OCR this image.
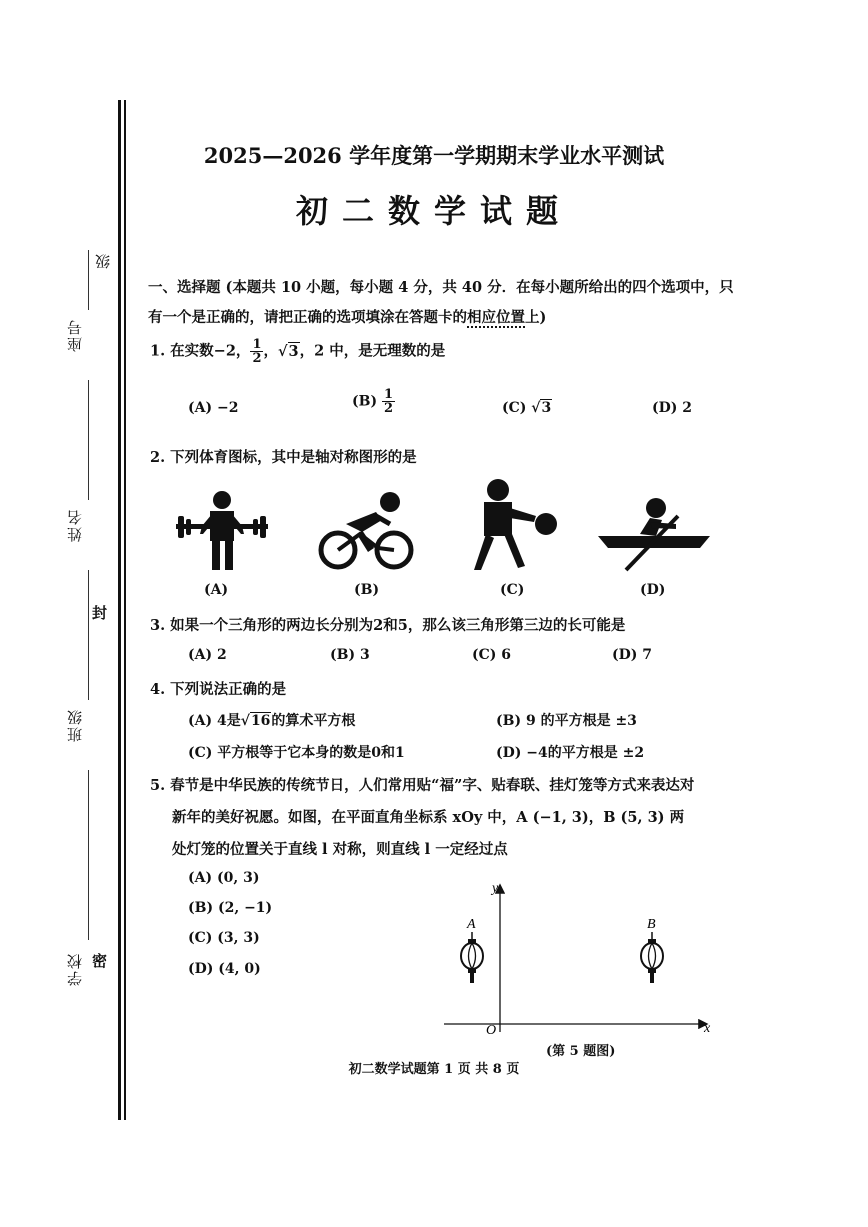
座号
级
姓名
封
班级
密
学校
2025—2026 学年度第一学期期末学业水平测试
初二数学试题
一、选择题 (本题共 10 小题，每小题 4 分，共 40 分．在每小题所给出的四个选项中，只
有一个是正确的，请把正确的选项填涂在答题卡的相应位置上)
1. 在实数−2， $\frac{1}{2}$ ，√3，2 中，是无理数的是
(A) −2	$(B) \frac{1}{2}$	(C) √3	(D) 2
2. 下列体育图标，其中是轴对称图形的是
(A)	(B)	(C)	(D)
3. 如果一个三角形的两边长分别为2和5，那么该三角形第三边的长可能是
(A) 2	(B) 3	(C) 6	(D) 7
4. 下列说法正确的是
(A) 4是√16的算术平方根	(B) 9 的平方根是 ±3
(C) 平方根等于它本身的数是0和1	(D) −4的平方根是 ±2
5. 春节是中华民族的传统节日，人们常用贴“福”字、贴春联、挂灯笼等方式来表达对
新年的美好祝愿。如图，在平面直角坐标系 xOy 中，A (−1, 3)，B (5, 3) 两
处灯笼的位置关于直线 l 对称，则直线 l 一定经过点
(A) (0, 3)
(B) (2, −1)
(C) (3, 3)
(D) (4, 0)
x
y
O
A	B
(第 5 题图)
初二数学试题第 1 页 共 8 页
